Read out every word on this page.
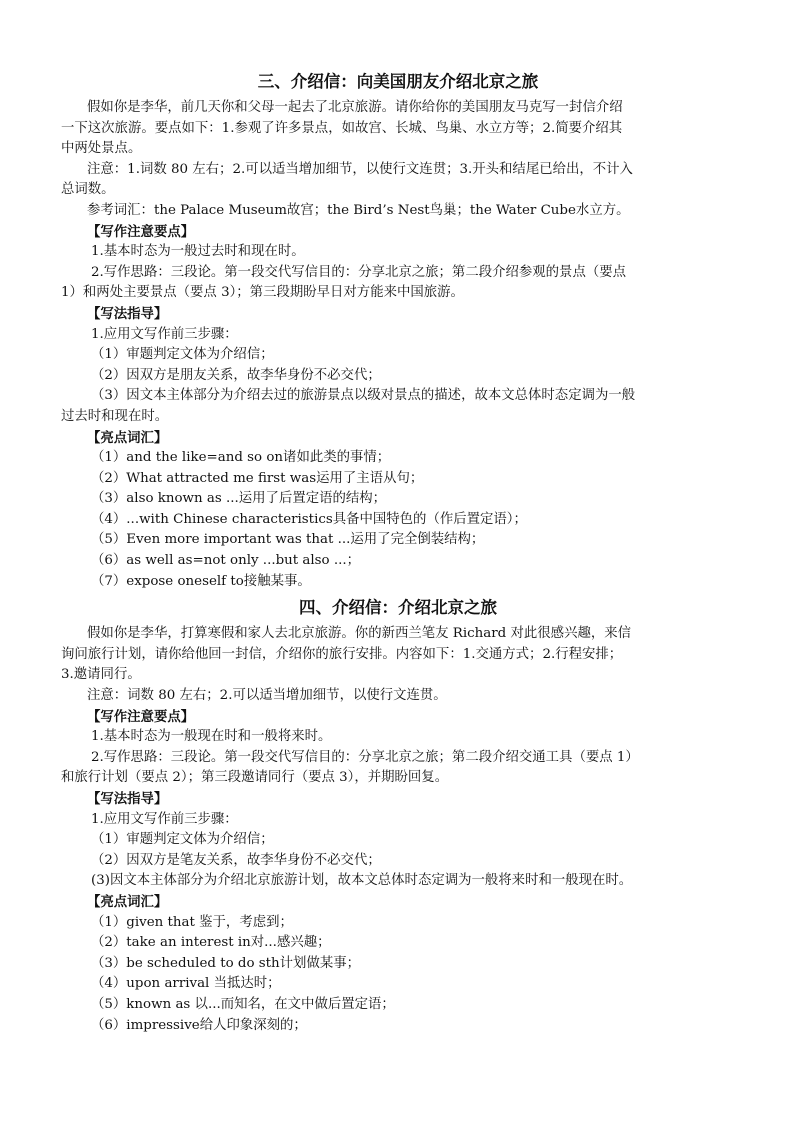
三、介绍信：向美国朋友介绍北京之旅
假如你是李华，前几天你和父母一起去了北京旅游。请你给你的美国朋友马克写一封信介绍
一下这次旅游。要点如下：1.参观了许多景点，如故宫、长城、鸟巢、水立方等；2.简要介绍其
中两处景点。
注意：1.词数 80 左右；2.可以适当增加细节，以使行文连贯；3.开头和结尾已给出，不计入
总词数。
参考词汇：the Palace Museum故宫；the Bird’s Nest鸟巢；the Water Cube水立方。
【写作注意要点】
1.基本时态为一般过去时和现在时。
2.写作思路：三段论。第一段交代写信目的：分享北京之旅；第二段介绍参观的景点（要点
1）和两处主要景点（要点 3）；第三段期盼早日对方能来中国旅游。
【写法指导】
1.应用文写作前三步骤：
（1）审题判定文体为介绍信；
（2）因双方是朋友关系，故李华身份不必交代；
（3）因文本主体部分为介绍去过的旅游景点以级对景点的描述，故本文总体时态定调为一般
过去时和现在时。
【亮点词汇】
（1）and the like=and so on诸如此类的事情；
（2）What attracted me first was运用了主语从句；
（3）also known as ...运用了后置定语的结构；
（4）...with Chinese characteristics具备中国特色的（作后置定语）；
（5）Even more important was that ...运用了完全倒装结构；
（6）as well as=not only ...but also ...；
（7）expose oneself to接触某事。
四、介绍信：介绍北京之旅
假如你是李华，打算寒假和家人去北京旅游。你的新西兰笔友 Richard 对此很感兴趣，来信
询问旅行计划，请你给他回一封信，介绍你的旅行安排。内容如下：1.交通方式；2.行程安排；
3.邀请同行。
注意：词数 80 左右；2.可以适当增加细节，以使行文连贯。
【写作注意要点】
1.基本时态为一般现在时和一般将来时。
2.写作思路：三段论。第一段交代写信目的：分享北京之旅；第二段介绍交通工具（要点 1）
和旅行计划（要点 2）；第三段邀请同行（要点 3），并期盼回复。
【写法指导】
1.应用文写作前三步骤：
（1）审题判定文体为介绍信；
（2）因双方是笔友关系，故李华身份不必交代；
(3)因文本主体部分为介绍北京旅游计划，故本文总体时态定调为一般将来时和一般现在时。
【亮点词汇】
（1）given that 鉴于，考虑到；
（2）take an interest in对...感兴趣；
（3）be scheduled to do sth计划做某事；
（4）upon arrival 当抵达时；
（5）known as 以...而知名，在文中做后置定语；
（6）impressive给人印象深刻的；
